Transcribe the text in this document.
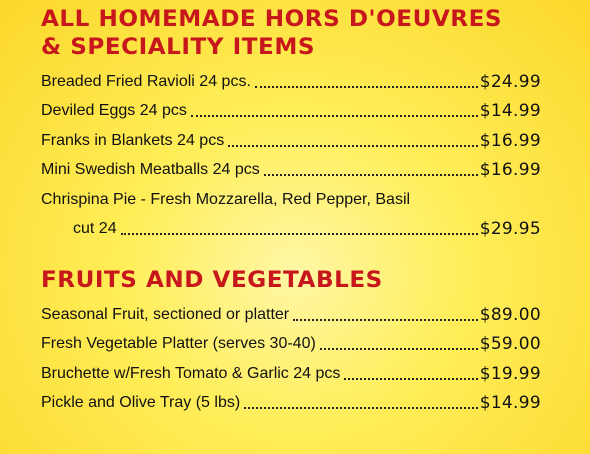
ALL HOMEMADE HORS D'OEUVRES
& SPECIALITY ITEMS
Breaded Fried Ravioli 24 pcs.	$24.99
Deviled Eggs 24 pcs	$14.99
Franks in Blankets 24 pcs	$16.99
Mini Swedish Meatballs 24 pcs	$16.99
Chrispina Pie - Fresh Mozzarella, Red Pepper, Basil
cut 24	$29.95
FRUITS AND VEGETABLES
Seasonal Fruit, sectioned or platter	$89.00
Fresh Vegetable Platter (serves 30-40)	$59.00
Bruchette w/Fresh Tomato & Garlic 24 pcs	$19.99
Pickle and Olive Tray (5 lbs)	$14.99
